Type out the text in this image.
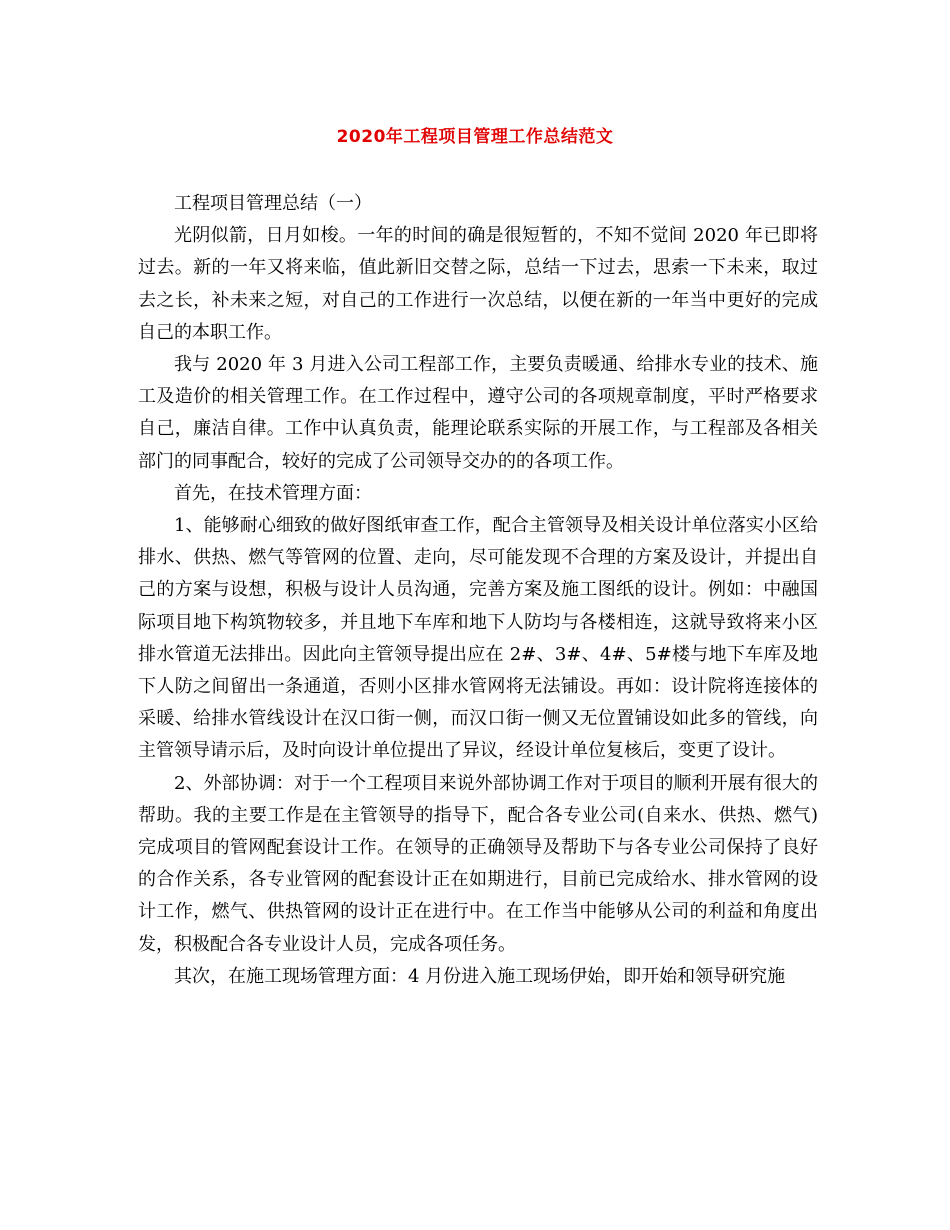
2020年工程项目管理工作总结范文

工程项目管理总结（一）

光阴似箭，日月如梭。一年的时间的确是很短暂的，不知不觉间 2020 年已即将过去。新的一年又将来临，值此新旧交替之际，总结一下过去，思索一下未来，取过去之长，补未来之短，对自己的工作进行一次总结，以便在新的一年当中更好的完成自己的本职工作。

我与 2020 年 3 月进入公司工程部工作，主要负责暖通、给排水专业的技术、施工及造价的相关管理工作。在工作过程中，遵守公司的各项规章制度，平时严格要求自己，廉洁自律。工作中认真负责，能理论联系实际的开展工作，与工程部及各相关部门的同事配合，较好的完成了公司领导交办的的各项工作。

首先，在技术管理方面：

1、能够耐心细致的做好图纸审查工作，配合主管领导及相关设计单位落实小区给排水、供热、燃气等管网的位置、走向，尽可能发现不合理的方案及设计，并提出自己的方案与设想，积极与设计人员沟通，完善方案及施工图纸的设计。例如：中融国际项目地下构筑物较多，并且地下车库和地下人防均与各楼相连，这就导致将来小区排水管道无法排出。因此向主管领导提出应在 2#、3#、4#、5#楼与地下车库及地下人防之间留出一条通道，否则小区排水管网将无法铺设。再如：设计院将连接体的采暖、给排水管线设计在汉口街一侧，而汉口街一侧又无位置铺设如此多的管线，向主管领导请示后，及时向设计单位提出了异议，经设计单位复核后，变更了设计。

2、外部协调：对于一个工程项目来说外部协调工作对于项目的顺利开展有很大的帮助。我的主要工作是在主管领导的指导下，配合各专业公司(自来水、供热、燃气)完成项目的管网配套设计工作。在领导的正确领导及帮助下与各专业公司保持了良好的合作关系，各专业管网的配套设计正在如期进行，目前已完成给水、排水管网的设计工作，燃气、供热管网的设计正在进行中。在工作当中能够从公司的利益和角度出发，积极配合各专业设计人员，完成各项任务。

其次，在施工现场管理方面：4 月份进入施工现场伊始，即开始和领导研究施
